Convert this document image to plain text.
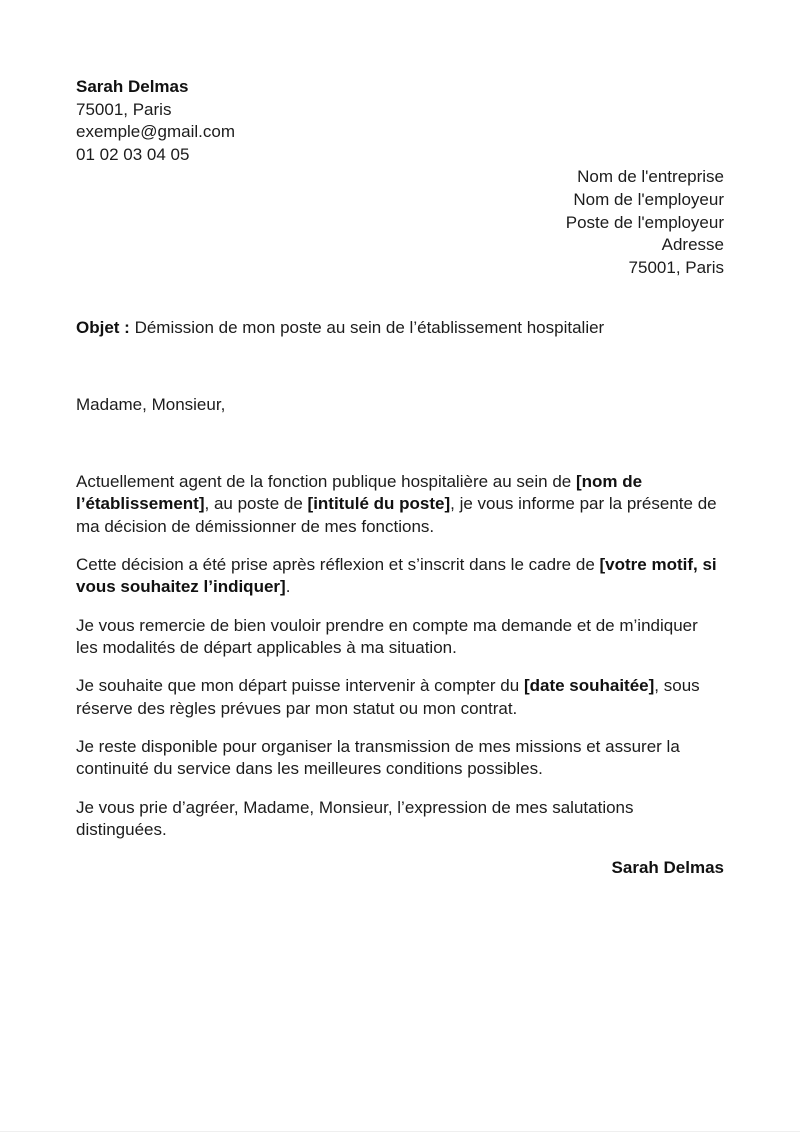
Sarah Delmas
75001, Paris
exemple@gmail.com
01 02 03 04 05
Nom de l'entreprise
Nom de l'employeur
Poste de l'employeur
Adresse
75001, Paris
Objet : Démission de mon poste au sein de l’établissement hospitalier
Madame, Monsieur,

Actuellement agent de la fonction publique hospitalière au sein de [nom de l’établissement], au poste de [intitulé du poste], je vous informe par la présente de ma décision de démissionner de mes fonctions.

Cette décision a été prise après réflexion et s’inscrit dans le cadre de [votre motif, si vous souhaitez l’indiquer].

Je vous remercie de bien vouloir prendre en compte ma demande et de m’indiquer les modalités de départ applicables à ma situation.

Je souhaite que mon départ puisse intervenir à compter du [date souhaitée], sous réserve des règles prévues par mon statut ou mon contrat.

Je reste disponible pour organiser la transmission de mes missions et assurer la continuité du service dans les meilleures conditions possibles.

Je vous prie d’agréer, Madame, Monsieur, l’expression de mes salutations distinguées.

Sarah Delmas
